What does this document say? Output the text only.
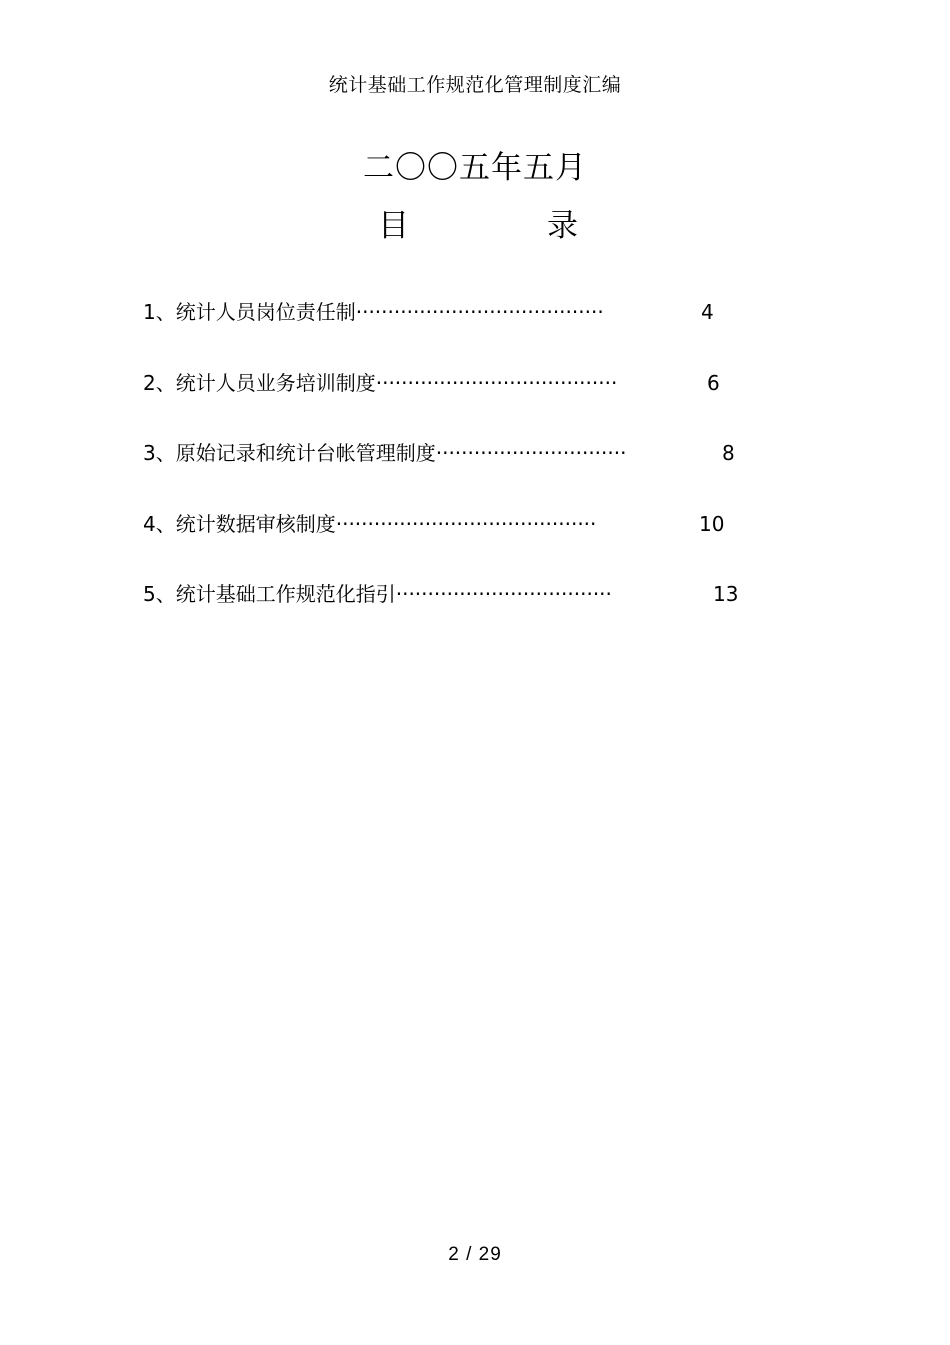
统计基础工作规范化管理制度汇编
二〇〇五年五月
目	录
1、统计人员岗位责任制·······································	4
2、统计人员业务培训制度······································	6
3、原始记录和统计台帐管理制度······························	8
4、统计数据审核制度·········································	10
5、统计基础工作规范化指引··································	13
2 / 29
